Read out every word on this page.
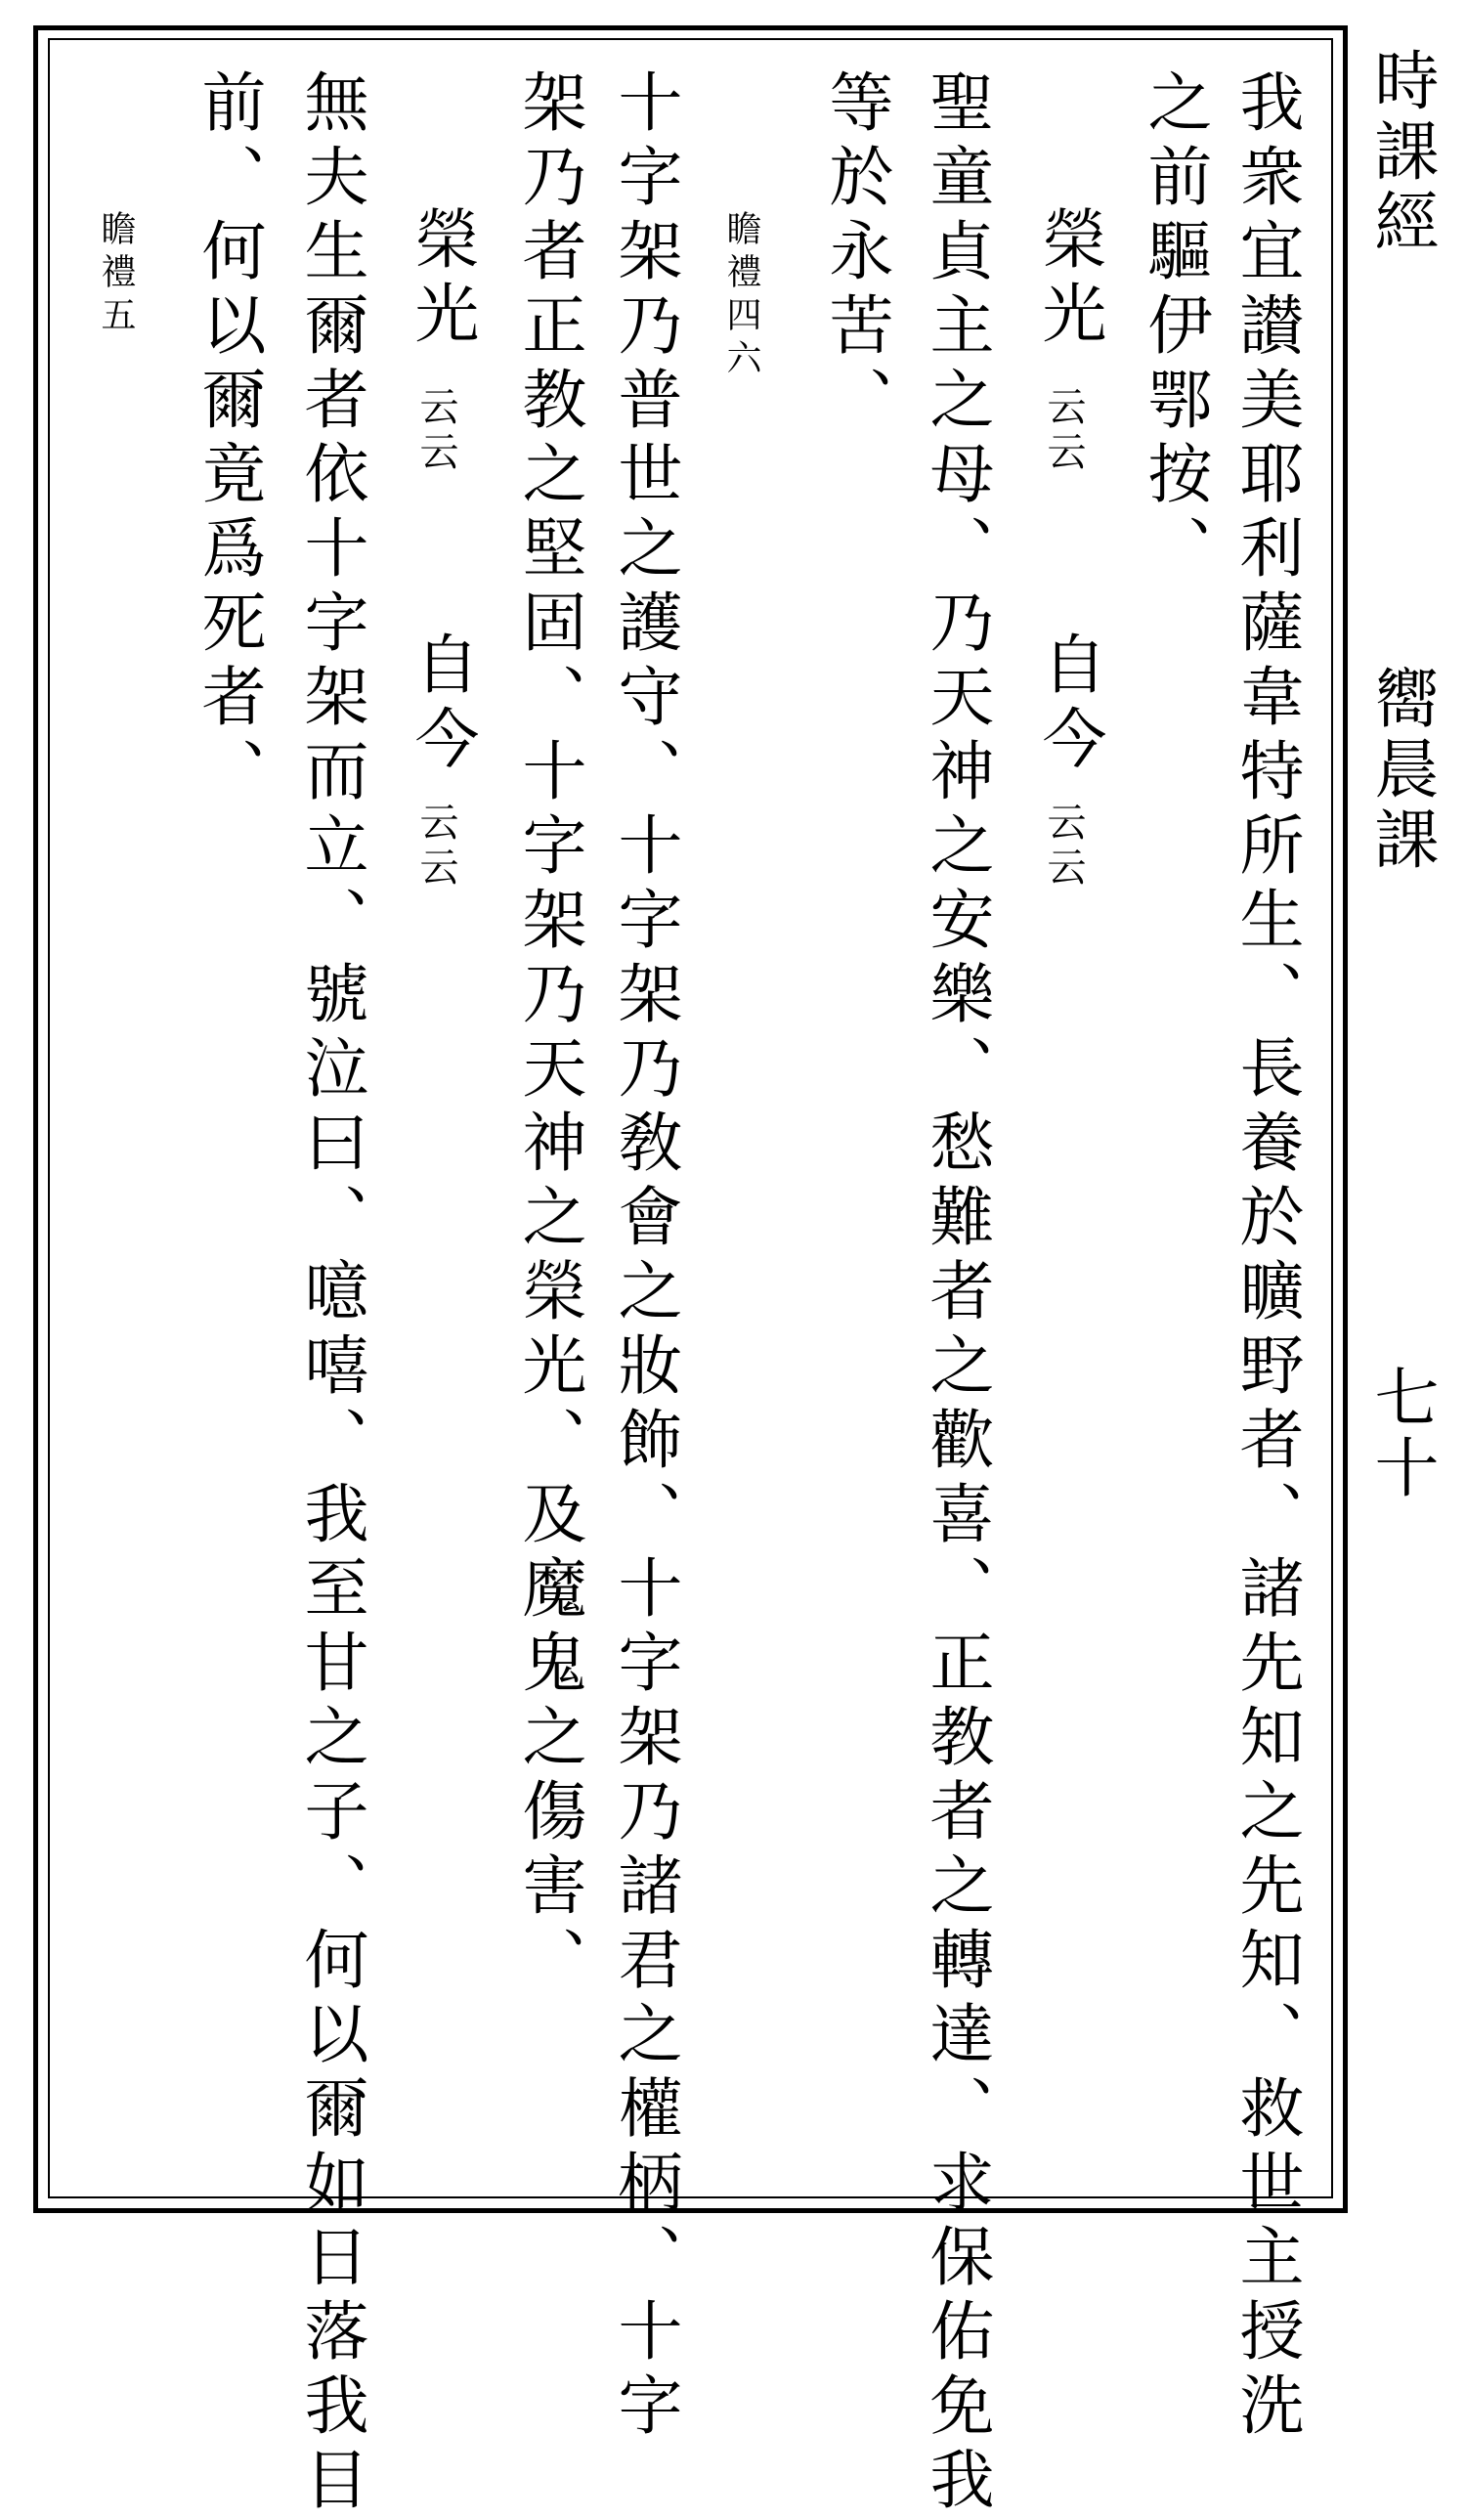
時課經
嚮晨課
七十
我衆宜讃美耶利薩韋特所生、長養於曠野者、諸先知之先知、救世主授洗
之前驅伊鄂按、
榮光
云云
自今
云云
聖童貞主之母、乃天神之安樂、愁難者之歡喜、正教者之轉達、求保佑免我
等於永苦、
瞻禮四六
十字架乃普世之護守、十字架乃敎會之妝飾、十字架乃諸君之權柄、十字
架乃者正教之堅固、十字架乃天神之榮光、及魔鬼之傷害、
榮光
云云
自今
云云
無夫生爾者依十字架而立、號泣曰、噫嘻、我至甘之子、何以爾如日落我目
前、何以爾竟爲死者、
瞻禮五
